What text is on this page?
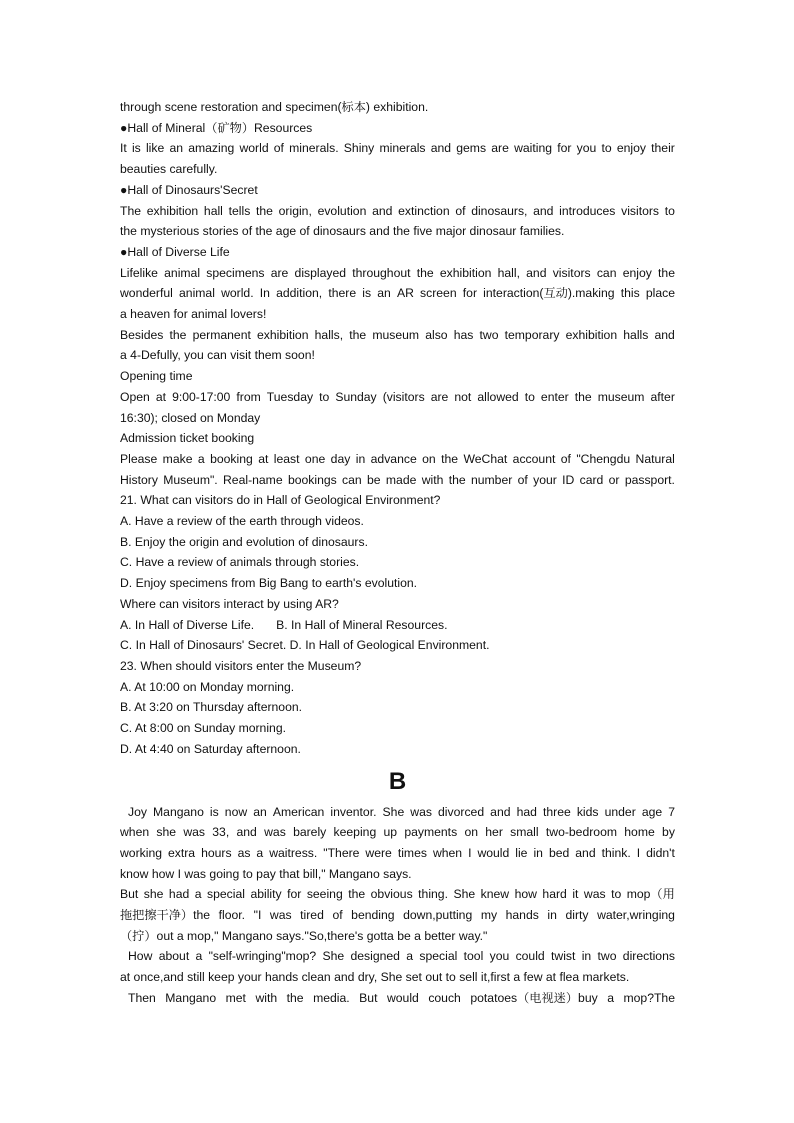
through scene restoration and specimen(标本) exhibition.
●Hall of Mineral（矿物）Resources
It is like an amazing world of minerals. Shiny minerals and gems are waiting for you to enjoy their
beauties carefully.
●Hall of Dinosaurs'Secret
The exhibition hall tells the origin, evolution and extinction of dinosaurs, and introduces visitors to
the mysterious stories of the age of dinosaurs and the five major dinosaur families.
●Hall of Diverse Life
Lifelike animal specimens are displayed throughout the exhibition hall, and visitors can enjoy the
wonderful animal world. In addition, there is an AR screen for interaction(互动).making this place
a heaven for animal lovers!
Besides the permanent exhibition halls, the museum also has two temporary exhibition halls and
a 4-Defully, you can visit them soon!
Opening time
Open at 9:00-17:00 from Tuesday to Sunday (visitors are not allowed to enter the museum after
16:30); closed on Monday
Admission ticket booking
Please make a booking at least one day in advance on the WeChat account of "Chengdu Natural
History Museum". Real-name bookings can be made with the number of your ID card or passport.
21. What can visitors do in Hall of Geological Environment?
A. Have a review of the earth through videos.
B. Enjoy the origin and evolution of dinosaurs.
C. Have a review of animals through stories.
D. Enjoy specimens from Big Bang to earth's evolution.
Where can visitors interact by using AR?
A. In Hall of Diverse Life. B. In Hall of Mineral Resources.
C. In Hall of Dinosaurs' Secret. D. In Hall of Geological Environment.
23. When should visitors enter the Museum?
A. At 10:00 on Monday morning.
B. At 3:20 on Thursday afternoon.
C. At 8:00 on Sunday morning.
D. At 4:40 on Saturday afternoon.
B
Joy Mangano is now an American inventor. She was divorced and had three kids under age 7
when she was 33, and was barely keeping up payments on her small two-bedroom home by
working extra hours as a waitress. "There were times when I would lie in bed and think. I didn't
know how I was going to pay that bill," Mangano says.
But she had a special ability for seeing the obvious thing. She knew how hard it was to mop（用
拖把擦干净）the floor. "I was tired of bending down,putting my hands in dirty water,wringing
（拧）out a mop," Mangano says."So,there's gotta be a better way."
How about a "self-wringing"mop? She designed a special tool you could twist in two directions
at once,and still keep your hands clean and dry, She set out to sell it,first a few at flea markets.
Then Mangano met with the media. But would couch potatoes（电视迷）buy a mop?The
